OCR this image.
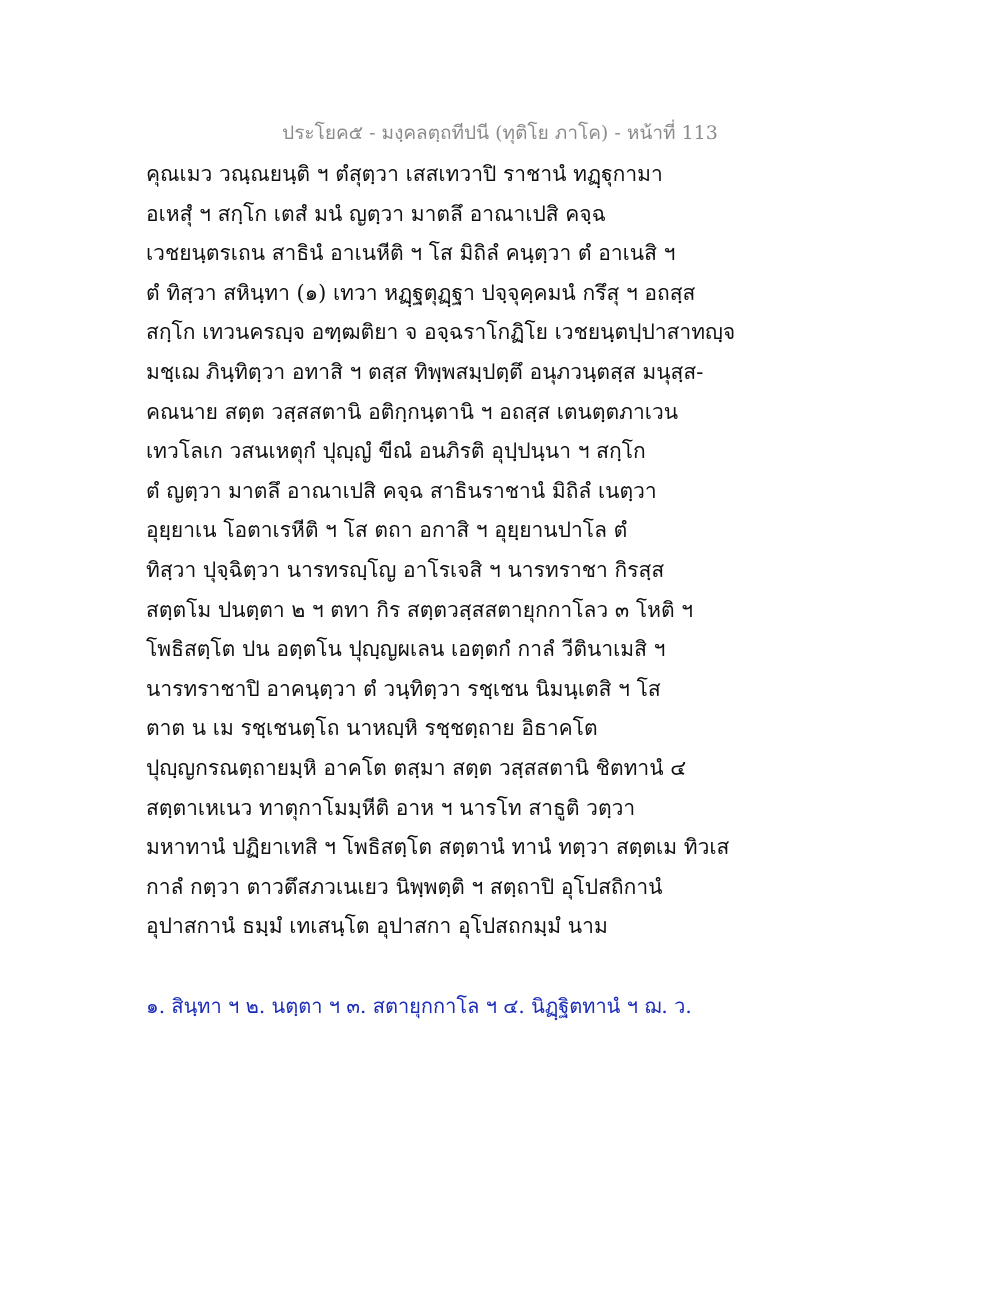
ประโยค๕ - มงฺคลตฺถทีปนี (ทุติโย ภาโค) - หน้าที่ 113
คุณเมว วณฺณยนฺติ ฯ ตํสุตฺวา เสสเทวาปิ ราชานํ ทฏฺฐุกามา
อเหสุํ ฯ สกฺโก เตสํ มนํ ญตฺวา มาตลึ อาณาเปสิ คจฺฉ
เวชยนฺตรเถน สาธินํ อาเนหีติ ฯ โส มิถิลํ คนฺตฺวา ตํ อาเนสิ ฯ
ตํ ทิสฺวา สหินฺทา (๑) เทวา หฏฺฐตุฏฺฐา ปจฺจุคฺคมนํ กรึสุ ฯ อถสฺส
สกฺโก เทวนครญฺจ อฑฺฒติยา จ อจฺฉราโกฏิโย เวชยนฺตปฺปาสาทญฺจ
มชฺเฌ ภินฺทิตฺวา อทาสิ ฯ ตสฺส ทิพฺพสมฺปตฺตึ อนุภวนฺตสฺส มนุสฺส-
คณนาย สตฺต วสฺสสตานิ อติกฺกนฺตานิ ฯ อถสฺส เตนตฺตภาเวน
เทวโลเก วสนเหตุกํ ปุญฺญํ ขีณํ อนภิรติ อุปฺปนฺนา ฯ สกฺโก
ตํ ญตฺวา มาตลึ อาณาเปสิ คจฺฉ สาธินราชานํ มิถิลํ เนตฺวา
อุยฺยาเน โอตาเรหีติ ฯ โส ตถา อกาสิ ฯ อุยฺยานปาโล ตํ
ทิสฺวา ปุจฺฉิตฺวา นารทรญฺโญ อาโรเจสิ ฯ นารทราชา กิรสฺส
สตฺตโม ปนตฺตา ๒ ฯ ตทา กิร สตฺตวสฺสสตายุกกาโลว ๓ โหติ ฯ
โพธิสตฺโต ปน อตฺตโน ปุญฺญผเลน เอตฺตกํ กาลํ วีตินาเมสิ ฯ
นารทราชาปิ อาคนฺตฺวา ตํ วนฺทิตฺวา รชฺเชน นิมนฺเตสิ ฯ โส
ตาต น เม รชฺเชนตฺโถ นาหญฺหิ รชฺชตฺถาย อิธาคโต
ปุญฺญกรณตฺถายมฺหิ อาคโต ตสฺมา สตฺต วสฺสสตานิ ชิตทานํ ๔
สตฺตาเหเนว ทาตุกาโมมฺหีติ อาห ฯ นารโท สาธูติ วตฺวา
มหาทานํ ปฏิยาเทสิ ฯ โพธิสตฺโต สตฺตานํ ทานํ ทตฺวา สตฺตเม ทิวเส
กาลํ กตฺวา ตาวตึสภวเนเยว นิพฺพตฺติ ฯ สตฺถาปิ อุโปสถิกานํ
อุปาสกานํ ธมฺมํ เทเสนฺโต อุปาสกา อุโปสถกมฺมํ นาม
๑. สินฺทา ฯ ๒. นตฺตา ฯ ๓. สตายุกกาโล ฯ ๔. นิฏฺฐิตทานํ ฯ ฌ. ว.
